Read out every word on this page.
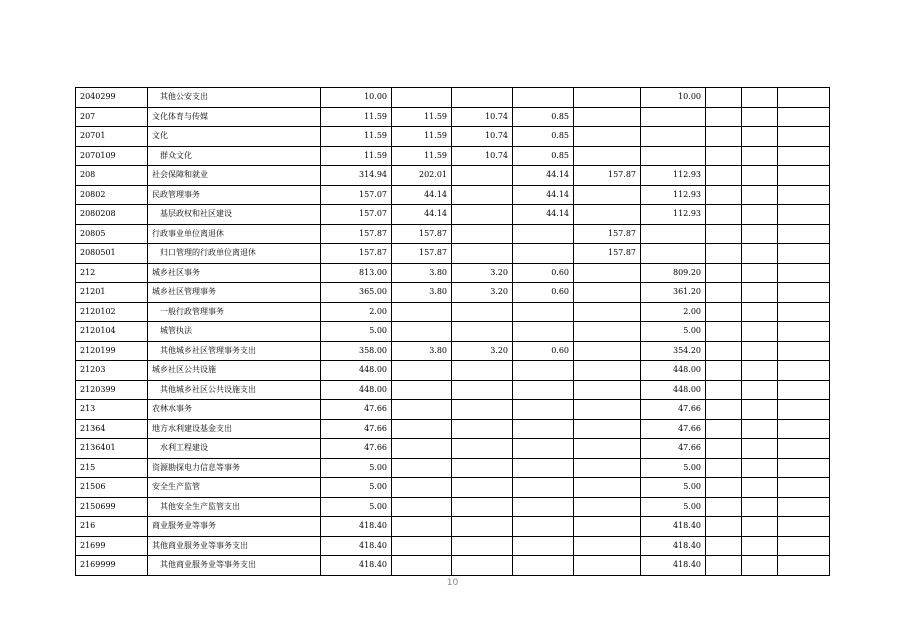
2040299	其他公安支出	10.00					10.00			
207	文化体育与传媒	11.59	11.59	10.74	0.85					
20701	文化	11.59	11.59	10.74	0.85					
2070109	群众文化	11.59	11.59	10.74	0.85					
208	社会保障和就业	314.94	202.01		44.14	157.87	112.93			
20802	民政管理事务	157.07	44.14		44.14		112.93			
2080208	基层政权和社区建设	157.07	44.14		44.14		112.93			
20805	行政事业单位离退休	157.87	157.87			157.87				
2080501	归口管理的行政单位离退休	157.87	157.87			157.87				
212	城乡社区事务	813.00	3.80	3.20	0.60		809.20			
21201	城乡社区管理事务	365.00	3.80	3.20	0.60		361.20			
2120102	一般行政管理事务	2.00					2.00			
2120104	城管执法	5.00					5.00			
2120199	其他城乡社区管理事务支出	358.00	3.80	3.20	0.60		354.20			
21203	城乡社区公共设施	448.00					448.00			
2120399	其他城乡社区公共设施支出	448.00					448.00			
213	农林水事务	47.66					47.66			
21364	地方水利建设基金支出	47.66					47.66			
2136401	水利工程建设	47.66					47.66			
215	资源勘探电力信息等事务	5.00					5.00			
21506	安全生产监管	5.00					5.00			
2150699	其他安全生产监管支出	5.00					5.00			
216	商业服务业等事务	418.40					418.40			
21699	其他商业服务业等事务支出	418.40					418.40			
2169999	其他商业服务业等事务支出	418.40					418.40			
10
